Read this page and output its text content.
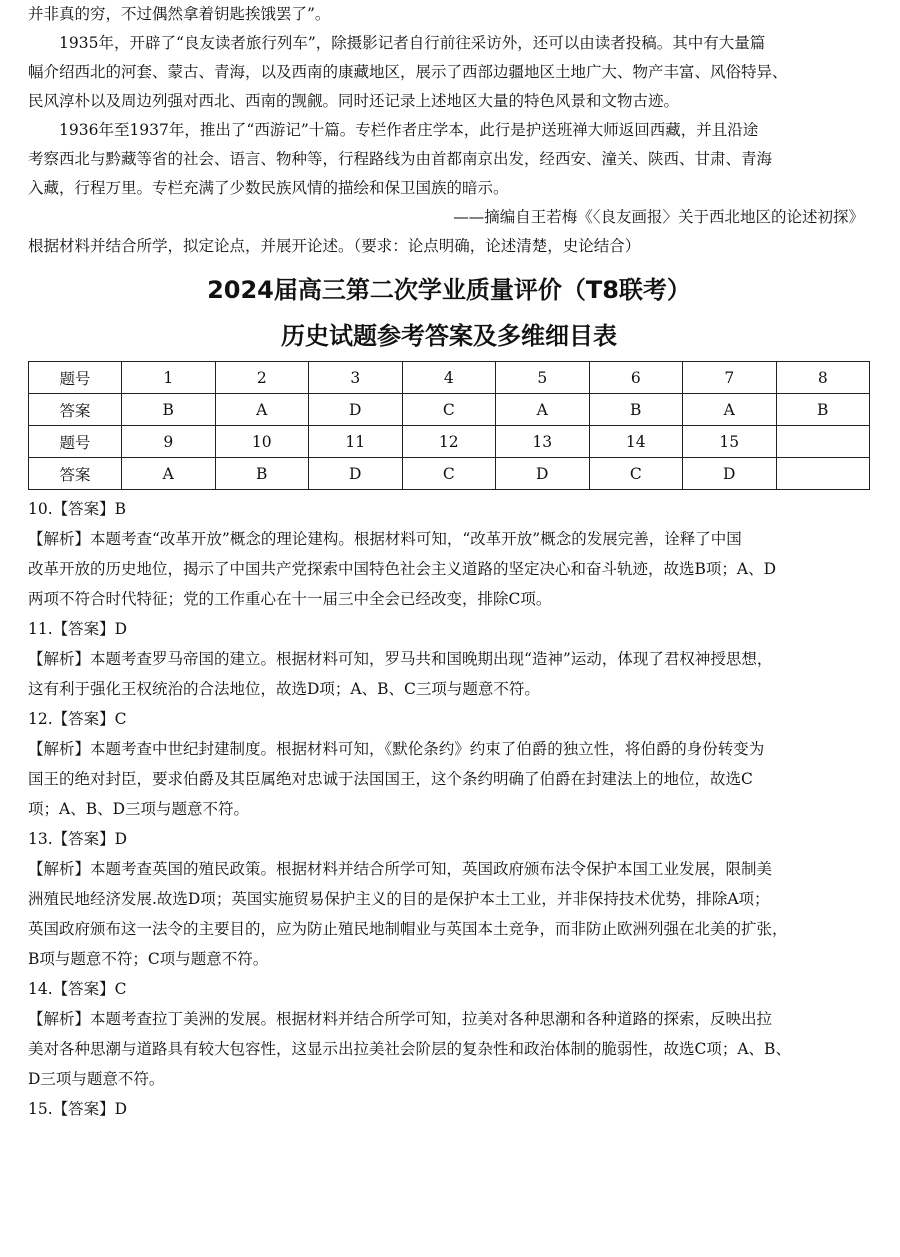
并非真的穷，不过偶然拿着钥匙挨饿罢了”。

1935年，开辟了“良友读者旅行列车”，除摄影记者自行前往采访外，还可以由读者投稿。其中有大量篇

幅介绍西北的河套、蒙古、青海，以及西南的康藏地区，展示了西部边疆地区土地广大、物产丰富、风俗特异、

民风淳朴以及周边列强对西北、西南的觊觎。同时还记录上述地区大量的特色风景和文物古迹。

1936年至1937年，推出了“西游记”十篇。专栏作者庄学本，此行是护送班禅大师返回西藏，并且沿途

考察西北与黔藏等省的社会、语言、物种等，行程路线为由首都南京出发，经西安、潼关、陕西、甘肃、青海

入藏，行程万里。专栏充满了少数民族风情的描绘和保卫国族的暗示。

——摘编自王若梅《〈良友画报〉关于西北地区的论述初探》

根据材料并结合所学，拟定论点，并展开论述。（要求：论点明确，论述清楚，史论结合）

2024届高三第二次学业质量评价（T8联考）
历史试题参考答案及多维细目表
题号	1	2	3	4	5	6	7	8
答案	B	A	D	C	A	B	A	B
题号	9	10	11	12	13	14	15	
答案	A	B	D	C	D	C	D	

10.【答案】B

【解析】本题考查“改革开放”概念的理论建构。根据材料可知，“改革开放”概念的发展完善，诠释了中国

改革开放的历史地位，揭示了中国共产党探索中国特色社会主义道路的坚定决心和奋斗轨迹，故选B项；A、D

两项不符合时代特征；党的工作重心在十一届三中全会已经改变，排除C项。

11.【答案】D

【解析】本题考查罗马帝国的建立。根据材料可知，罗马共和国晚期出现“造神”运动，体现了君权神授思想，

这有利于强化王权统治的合法地位，故选D项；A、B、C三项与题意不符。

12.【答案】C

【解析】本题考查中世纪封建制度。根据材料可知，《默伦条约》约束了伯爵的独立性，将伯爵的身份转变为

国王的绝对封臣，要求伯爵及其臣属绝对忠诚于法国国王，这个条约明确了伯爵在封建法上的地位，故选C

项；A、B、D三项与题意不符。

13.【答案】D

【解析】本题考查英国的殖民政策。根据材料并结合所学可知，英国政府颁布法令保护本国工业发展，限制美

洲殖民地经济发展.故选D项；英国实施贸易保护主义的目的是保护本土工业，并非保持技术优势，排除A项；

英国政府颁布这一法令的主要目的，应为防止殖民地制帽业与英国本土竞争，而非防止欧洲列强在北美的扩张，

B项与题意不符；C项与题意不符。

14.【答案】C

【解析】本题考查拉丁美洲的发展。根据材料并结合所学可知，拉美对各种思潮和各种道路的探索，反映出拉

美对各种思潮与道路具有较大包容性，这显示出拉美社会阶层的复杂性和政治体制的脆弱性，故选C项；A、B、

D三项与题意不符。

15.【答案】D
